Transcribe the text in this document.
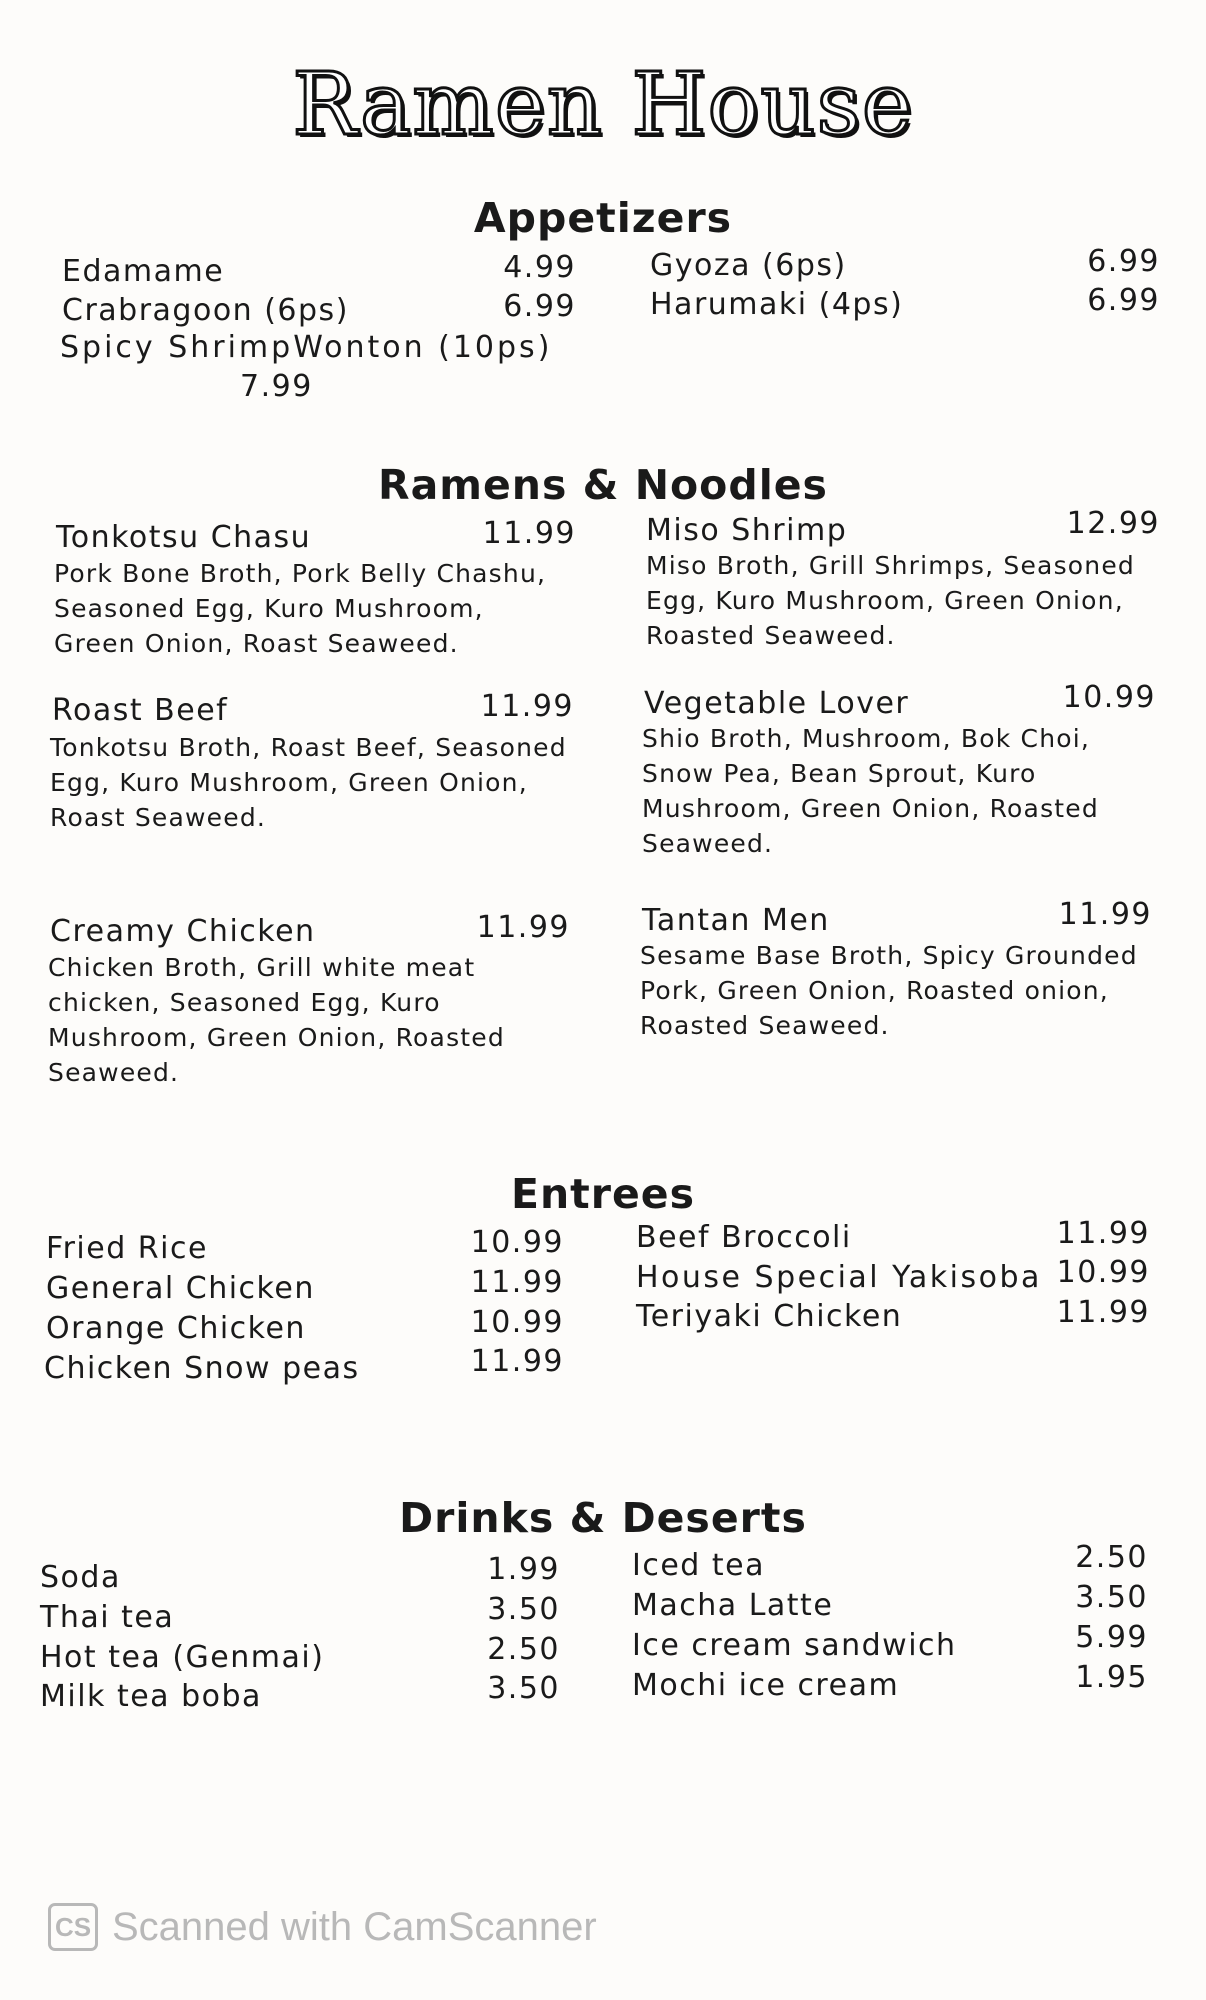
Ramen House
Appetizers
Edamame	4.99
Crabragoon (6ps)	6.99
Spicy ShrimpWonton (10ps)
7.99
Gyoza (6ps)	6.99
Harumaki (4ps)	6.99
Ramens & Noodles
Tonkotsu Chasu	11.99
Pork Bone Broth, Pork Belly Chashu, Seasoned Egg, Kuro Mushroom, Green Onion, Roast Seaweed.
Roast Beef	11.99
Tonkotsu Broth, Roast Beef, Seasoned Egg, Kuro Mushroom, Green Onion, Roast Seaweed.
Creamy Chicken	11.99
Chicken Broth, Grill white meat chicken, Seasoned Egg, Kuro Mushroom, Green Onion, Roasted Seaweed.
Miso Shrimp	12.99
Miso Broth, Grill Shrimps, Seasoned Egg, Kuro Mushroom, Green Onion, Roasted Seaweed.
Vegetable Lover	10.99
Shio Broth, Mushroom, Bok Choi, Snow Pea, Bean Sprout, Kuro Mushroom, Green Onion, Roasted Seaweed.
Tantan Men	11.99
Sesame Base Broth, Spicy Grounded Pork, Green Onion, Roasted onion, Roasted Seaweed.
Entrees
Fried Rice	10.99
General Chicken	11.99
Orange Chicken	10.99
Chicken Snow peas	11.99
Beef Broccoli	11.99
House Special Yakisoba 10.99
Teriyaki Chicken	11.99
Drinks & Deserts
Soda	1.99
Thai tea	3.50
Hot tea (Genmai)	2.50
Milk tea boba	3.50
Iced tea	2.50
Macha Latte	3.50
Ice cream sandwich	5.99
Mochi ice cream	1.95
CS Scanned with CamScanner
